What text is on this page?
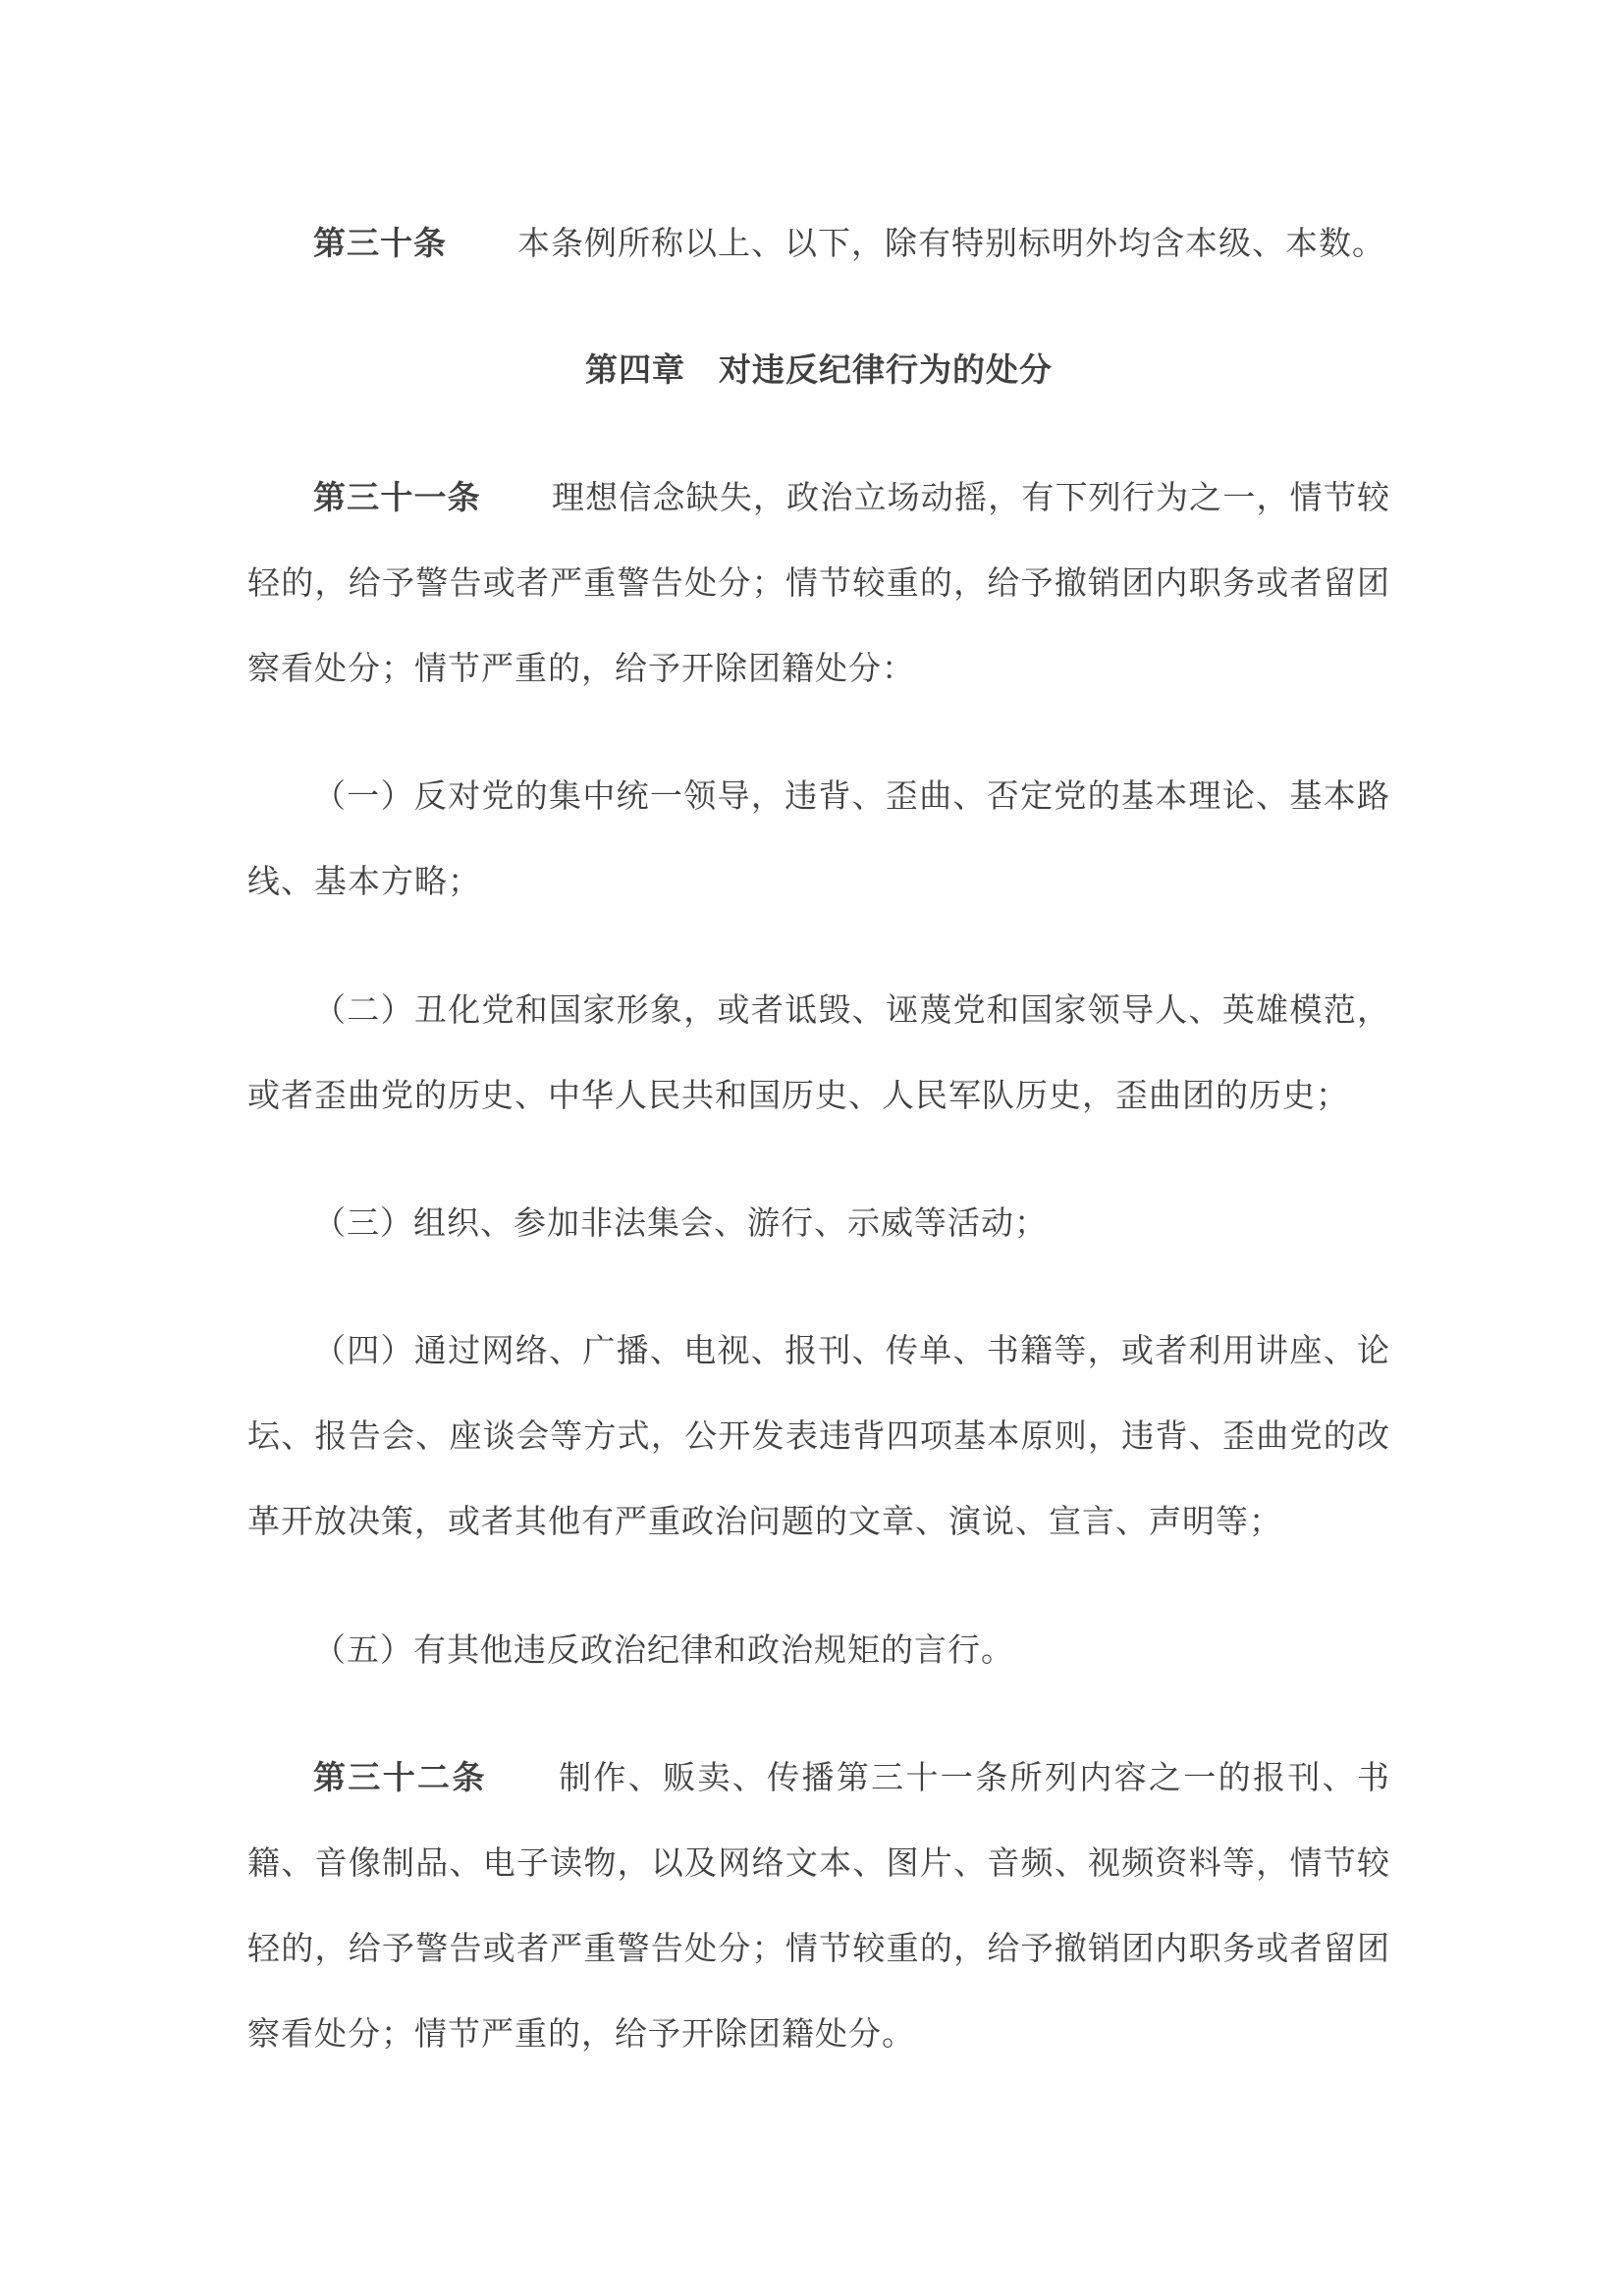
第三十条 本条例所称以上、以下，除有特别标明外均含本级、本数。

第四章 对违反纪律行为的处分

第三十一条 理想信念缺失，政治立场动摇，有下列行为之一，情节较轻的，给予警告或者严重警告处分；情节较重的，给予撤销团内职务或者留团察看处分；情节严重的，给予开除团籍处分：

（一）反对党的集中统一领导，违背、歪曲、否定党的基本理论、基本路线、基本方略；

（二）丑化党和国家形象，或者诋毁、诬蔑党和国家领导人、英雄模范，或者歪曲党的历史、中华人民共和国历史、人民军队历史，歪曲团的历史；

（三）组织、参加非法集会、游行、示威等活动；

（四）通过网络、广播、电视、报刊、传单、书籍等，或者利用讲座、论坛、报告会、座谈会等方式，公开发表违背四项基本原则，违背、歪曲党的改革开放决策，或者其他有严重政治问题的文章、演说、宣言、声明等；

（五）有其他违反政治纪律和政治规矩的言行。

第三十二条 制作、贩卖、传播第三十一条所列内容之一的报刊、书籍、音像制品、电子读物，以及网络文本、图片、音频、视频资料等，情节较轻的，给予警告或者严重警告处分；情节较重的，给予撤销团内职务或者留团察看处分；情节严重的，给予开除团籍处分。
